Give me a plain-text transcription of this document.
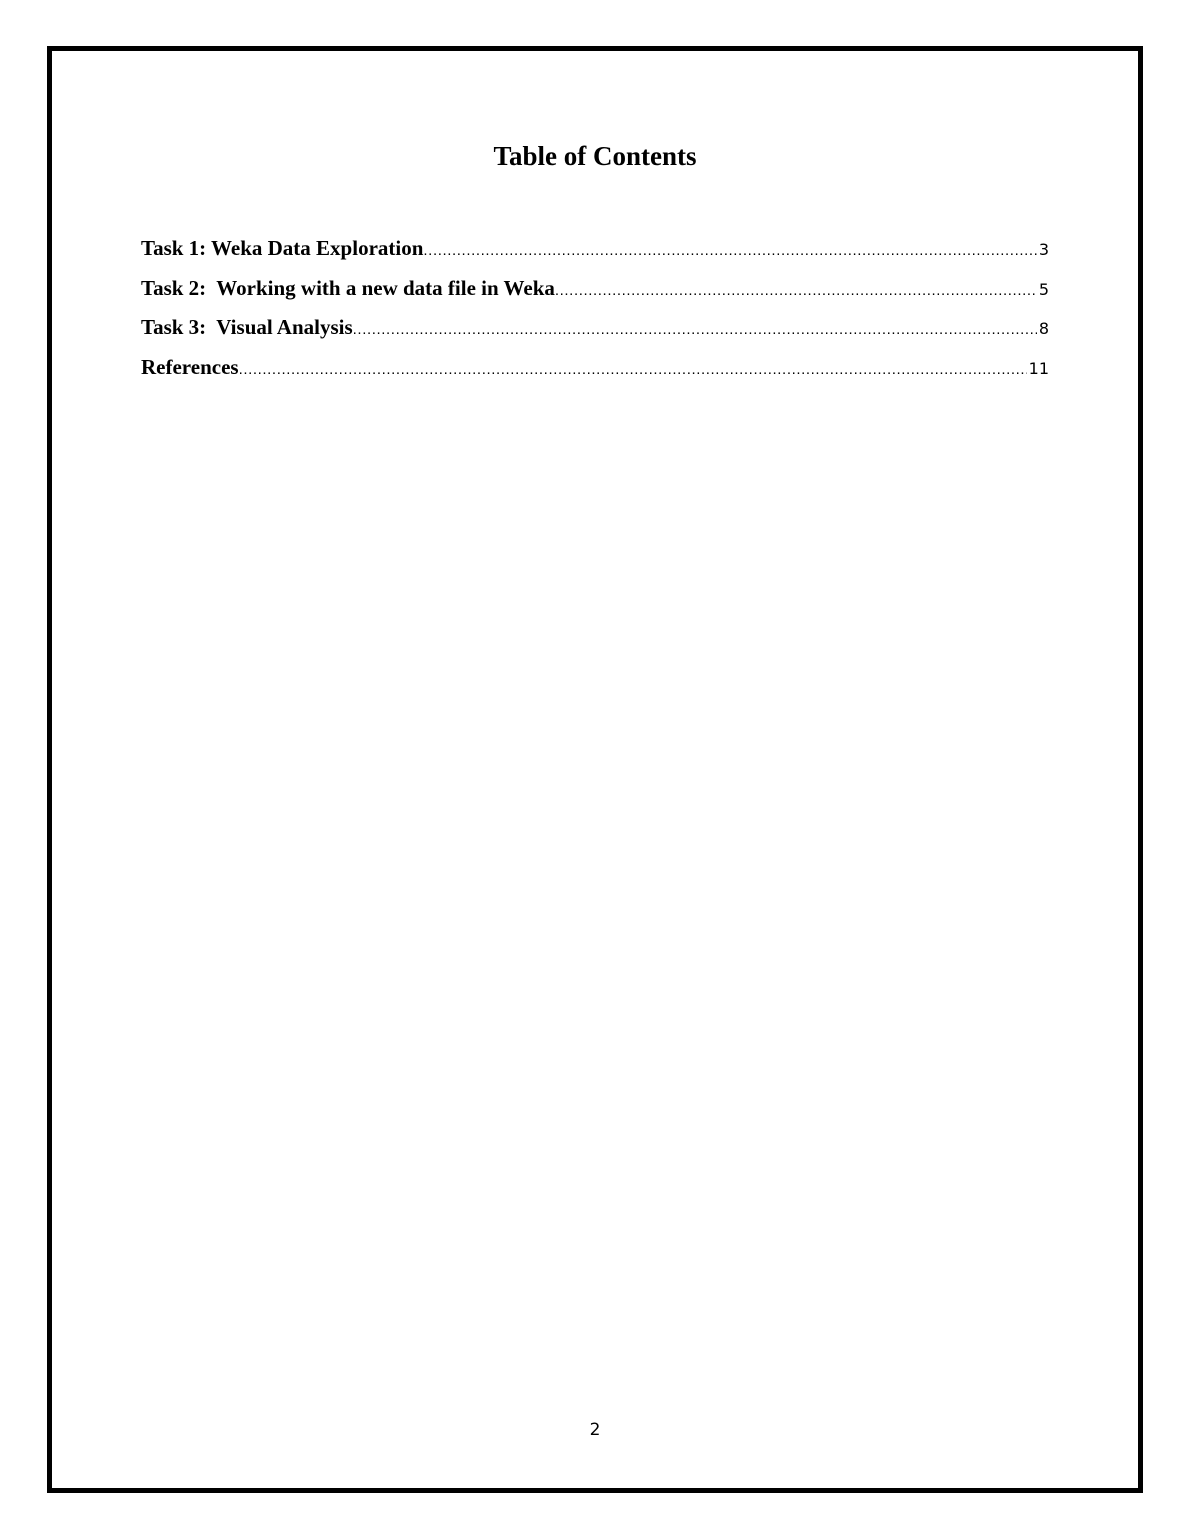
Table of Contents
Task 1: Weka Data Exploration .....	3
Task 2:  Working with a new data file in Weka .....	5
Task 3:  Visual Analysis .....	8
References .....	11
2
